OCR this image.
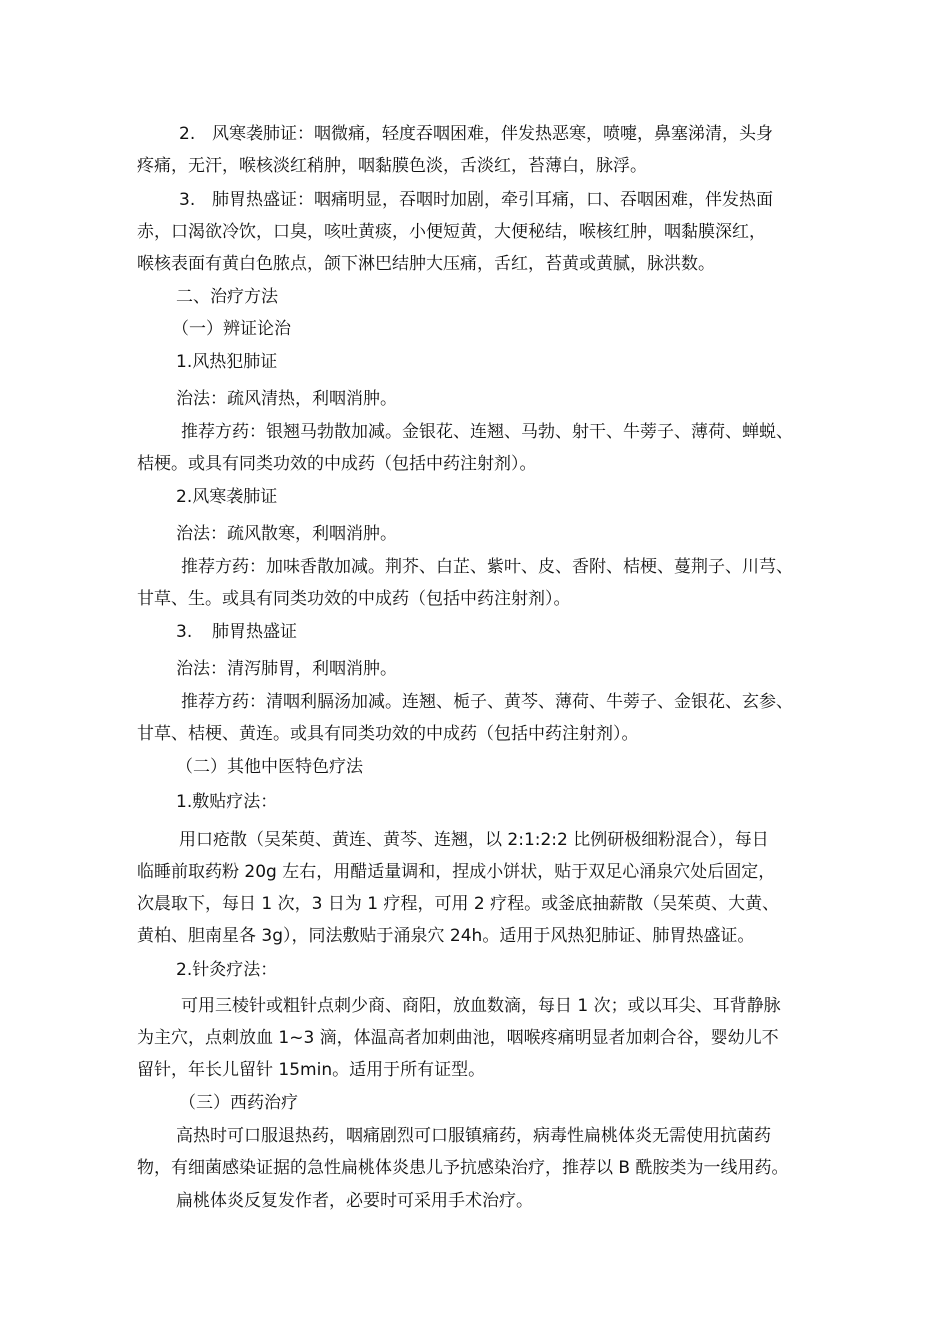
2. 风寒袭肺证：咽微痛，轻度吞咽困难，伴发热恶寒，喷嚏，鼻塞涕清，头身

疼痛，无汗，喉核淡红稍肿，咽黏膜色淡，舌淡红，苔薄白，脉浮。

3. 肺胃热盛证：咽痛明显，吞咽时加剧，牵引耳痛，口、吞咽困难，伴发热面

赤，口渴欲冷饮，口臭，咳吐黄痰，小便短黄，大便秘结，喉核红肿，咽黏膜深红，

喉核表面有黄白色脓点，颌下淋巴结肿大压痛，舌红，苔黄或黄腻，脉洪数。

二、治疗方法

（一）辨证论治

1.风热犯肺证

治法：疏风清热，利咽消肿。

推荐方药：银翘马勃散加减。金银花、连翘、马勃、射干、牛蒡子、薄荷、蝉蜕、

桔梗。或具有同类功效的中成药（包括中药注射剂）。

2.风寒袭肺证

治法：疏风散寒，利咽消肿。

推荐方药：加味香散加减。荆芥、白芷、紫叶、皮、香附、桔梗、蔓荆子、川芎、

甘草、生。或具有同类功效的中成药（包括中药注射剂）。

3. 肺胃热盛证

治法：清泻肺胃，利咽消肿。

推荐方药：清咽利膈汤加减。连翘、栀子、黄芩、薄荷、牛蒡子、金银花、玄参、

甘草、桔梗、黄连。或具有同类功效的中成药（包括中药注射剂）。

（二）其他中医特色疗法

1.敷贴疗法：

用口疮散（吴茱萸、黄连、黄芩、连翘，以 2:1:2:2 比例研极细粉混合），每日

临睡前取药粉 20g 左右，用醋适量调和，捏成小饼状，贴于双足心涌泉穴处后固定，

次晨取下，每日 1 次，3 日为 1 疗程，可用 2 疗程。或釜底抽薪散（吴茱萸、大黄、

黄柏、胆南星各 3g），同法敷贴于涌泉穴 24h。适用于风热犯肺证、肺胃热盛证。

2.针灸疗法：

可用三棱针或粗针点刺少商、商阳，放血数滴，每日 1 次；或以耳尖、耳背静脉

为主穴，点刺放血 1~3 滴，体温高者加刺曲池，咽喉疼痛明显者加刺合谷，婴幼儿不

留针，年长儿留针 15min。适用于所有证型。

（三）西药治疗

高热时可口服退热药，咽痛剧烈可口服镇痛药，病毒性扁桃体炎无需使用抗菌药

物，有细菌感染证据的急性扁桃体炎患儿予抗感染治疗，推荐以 B 酰胺类为一线用药。

扁桃体炎反复发作者，必要时可采用手术治疗。
